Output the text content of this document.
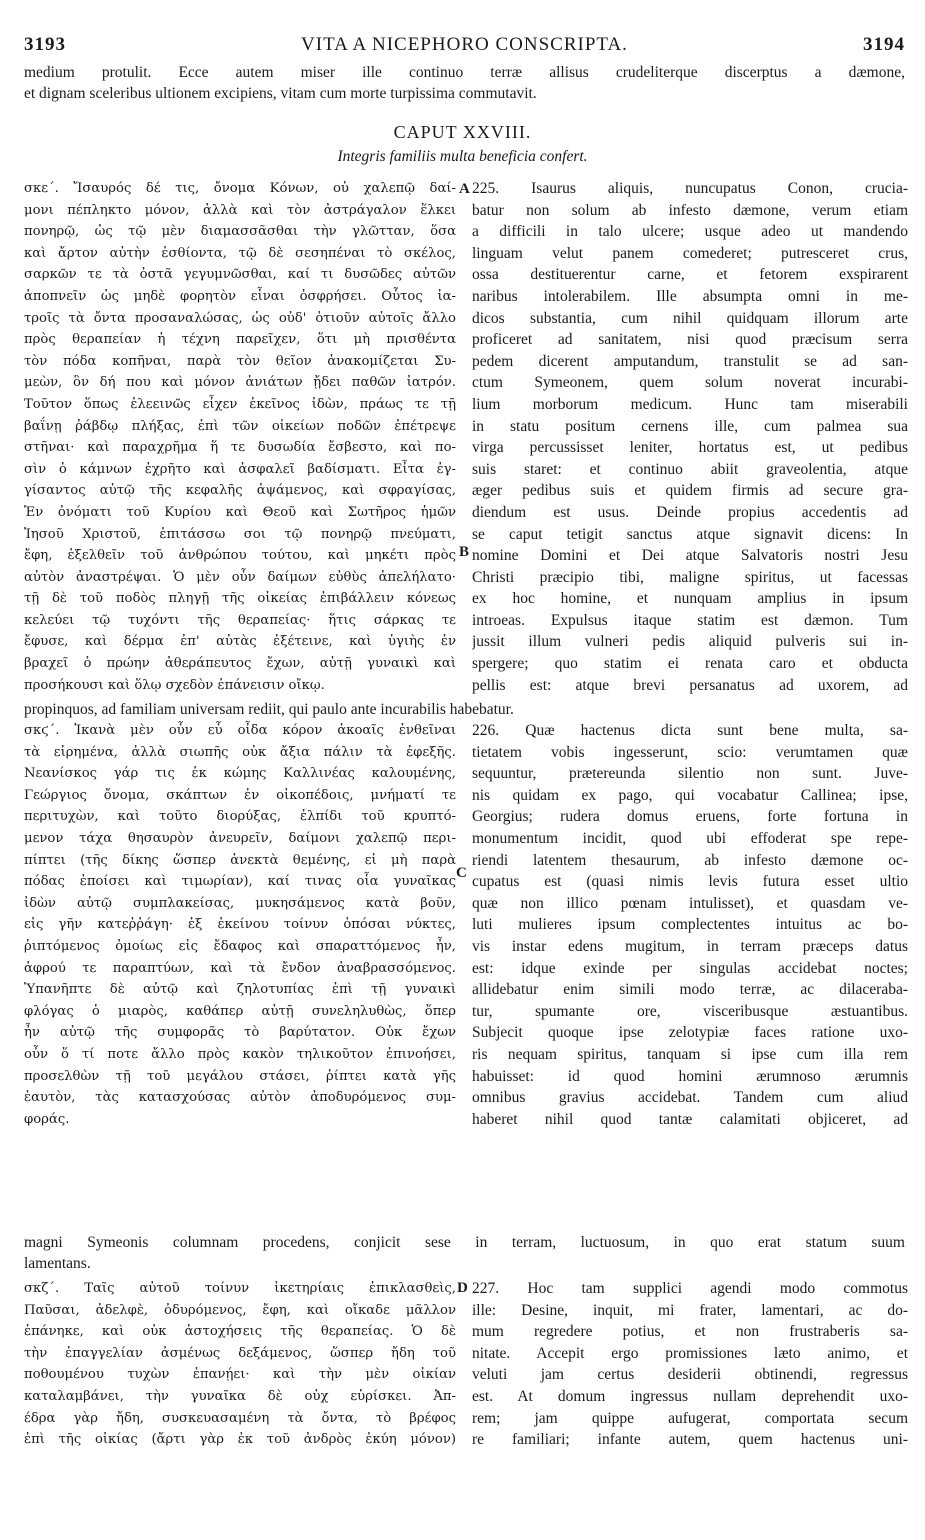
3193	VITA A NICEPHORO CONSCRIPTA.	3194
medium protulit. Ecce autem miser ille continuo terræ allisus crudeliterque discerptus a dæmone,
et dignam sceleribus ultionem excipiens, vitam cum morte turpissima commutavit.
CAPUT XXVIII.
Integris familiis multa beneficia confert.
σκε΄. Ἴσαυρός δέ τις, ὄνομα Κόνων, οὐ χαλεπῷ δαί-
μονι πέπληκτο μόνον, ἀλλὰ καὶ τὸν ἀστράγαλον ἕλκει
πονηρῷ, ὡς τῷ μὲν διαμασσᾶσθαι τὴν γλῶτταν, ὅσα
καὶ ἄρτον αὐτὴν ἐσθίοντα, τῷ δὲ σεσηπέναι τὸ σκέλος,
σαρκῶν τε τὰ ὀστᾶ γεγυμνῶσθαι, καί τι δυσῶδες αὐτῶν
ἀποπνεῖν ὡς μηδὲ φορητὸν εἶναι ὀσφρήσει. Οὗτος ἰα-
τροῖς τὰ ὄντα προσαναλώσας, ὡς οὐδ' ὁτιοῦν αὐτοῖς ἄλλο
πρὸς θεραπείαν ἡ τέχνη παρεῖχεν, ὅτι μὴ πρισθέντα
τὸν πόδα κοπῆναι, παρὰ τὸν θεῖον ἀνακομίζεται Συ-
μεὼν, ὃν δή που καὶ μόνον ἀνιάτων ᾔδει παθῶν ἰατρόν.
Τοῦτον ὅπως ἐλεεινῶς εἶχεν ἐκεῖνος ἰδὼν, πράως τε τῇ
βαΐνῃ ῥάβδῳ πλήξας, ἐπὶ τῶν οἰκείων ποδῶν ἐπέτρεψε
στῆναι· καὶ παραχρῆμα ἥ τε δυσωδία ἔσβεστο, καὶ πο-
σὶν ὁ κάμνων ἐχρῆτο καὶ ἀσφαλεῖ βαδίσματι. Εἶτα ἐγ-
γίσαντος αὐτῷ τῆς κεφαλῆς ἀψάμενος, καὶ σφραγίσας,
Ἐν ὀνόματι τοῦ Κυρίου καὶ Θεοῦ καὶ Σωτῆρος ἡμῶν
Ἰησοῦ Χριστοῦ, ἐπιτάσσω σοι τῷ πονηρῷ πνεύματι,
ἔφη, ἐξελθεῖν τοῦ ἀνθρώπου τούτου, καὶ μηκέτι πρὸς
αὐτὸν ἀναστρέψαι. Ὁ μὲν οὖν δαίμων εὐθὺς ἀπελήλατο·
τῇ δὲ τοῦ ποδὸς πληγῇ τῆς οἰκείας ἐπιβάλλειν κόνεως
κελεύει τῷ τυχόντι τῆς θεραπείας· ἥτις σάρκας τε
ἔφυσε, καὶ δέρμα ἐπ' αὐτὰς ἐξέτεινε, καὶ ὑγιὴς ἐν
βραχεῖ ὁ πρώην ἀθεράπευτος ἔχων, αὐτῇ γυναικὶ καὶ
προσήκουσι καὶ ὅλῳ σχεδὸν ἐπάνεισιν οἴκῳ.
225. Isaurus aliquis, nuncupatus Conon, crucia-
batur non solum ab infesto dæmone, verum etiam
a difficili in talo ulcere; usque adeo ut mandendo
linguam velut panem comederet; putresceret crus,
ossa destituerentur carne, et fetorem exspirarent
naribus intolerabilem. Ille absumpta omni in me-
dicos substantia, cum nihil quidquam illorum arte
proficeret ad sanitatem, nisi quod præcisum serra
pedem dicerent amputandum, transtulit se ad san-
ctum Symeonem, quem solum noverat incurabi-
lium morborum medicum. Hunc tam miserabili
in statu positum cernens ille, cum palmea sua
virga percussisset leniter, hortatus est, ut pedibus
suis staret: et continuo abiit graveolentia, atque
æger pedibus suis et quidem firmis ad secure gra-
diendum est usus. Deinde propius accedentis ad
se caput tetigit sanctus atque signavit dicens: In
nomine Domini et Dei atque Salvatoris nostri Jesu
Christi præcipio tibi, maligne spiritus, ut facessas
ex hoc homine, et nunquam amplius in ipsum
introeas. Expulsus itaque statim est dæmon. Tum
jussit illum vulneri pedis aliquid pulveris sui in-
spergere; quo statim ei renata caro et obducta
pellis est: atque brevi persanatus ad uxorem, ad
A
B
propinquos, ad familiam universam rediit, qui paulo ante incurabilis habebatur.
σκϛ΄. Ἱκανὰ μὲν οὖν εὖ οἶδα κόρον ἀκοαῖς ἐνθεῖναι
τὰ εἰρημένα, ἀλλὰ σιωπῆς οὐκ ἄξια πάλιν τὰ ἐφεξῆς.
Νεανίσκος γάρ τις ἐκ κώμης Καλλινέας καλουμένης,
Γεώργιος ὄνομα, σκάπτων ἐν οἰκοπέδοις, μνήματί τε
περιτυχὼν, καὶ τοῦτο διορύξας, ἐλπίδι τοῦ κρυπτό-
μενον τάχα θησαυρὸν ἀνευρεῖν, δαίμονι χαλεπῷ περι-
πίπτει (τῆς δίκης ὥσπερ ἀνεκτὰ θεμένης, εἰ μὴ παρὰ
πόδας ἐποίσει καὶ τιμωρίαν), καί τινας οἷα γυναῖκας
ἰδὼν αὐτῷ συμπλακείσας, μυκησάμενος κατὰ βοῦν,
εἰς γῆν κατεῤῥάγη· ἐξ ἐκείνου τοίνυν ὁπόσαι νύκτες,
ῥιπτόμενος ὁμοίως εἰς ἔδαφος καὶ σπαραττόμενος ἦν,
ἀφρού τε παραπτύων, καὶ τὰ ἔνδον ἀναβρασσόμενος.
Ὑπανῆπτε δὲ αὐτῷ καὶ ζηλοτυπίας ἐπὶ τῇ γυναικὶ
φλόγας ὁ μιαρὸς, καθάπερ αὐτῇ συνεληλυθὼς, ὅπερ
ἦν αὐτῷ τῆς συμφορᾶς τὸ βαρύτατον. Οὐκ ἔχων
οὖν ὅ τί ποτε ἄλλο πρὸς κακὸν τηλικοῦτον ἐπινοήσει,
προσελθὼν τῇ τοῦ μεγάλου στάσει, ῥίπτει κατὰ γῆς
ἑαυτὸν, τὰς κατασχούσας αὐτὸν ἀποδυρόμενος συμ-
φοράς.
226. Quæ hactenus dicta sunt bene multa, sa-
tietatem vobis ingesserunt, scio: verumtamen quæ
sequuntur, prætereunda silentio non sunt. Juve-
nis quidam ex pago, qui vocabatur Callinea; ipse,
Georgius; rudera domus eruens, forte fortuna in
monumentum incidit, quod ubi effoderat spe repe-
riendi latentem thesaurum, ab infesto dæmone oc-
cupatus est (quasi nimis levis futura esset ultio
quæ non illico pœnam intulisset), et quasdam ve-
luti mulieres ipsum complectentes intuitus ac bo-
vis instar edens mugitum, in terram præceps datus
est: idque exinde per singulas accidebat noctes;
allidebatur enim simili modo terræ, ac dilaceraba-
tur, spumante ore, visceribusque æstuantibus.
Subjecit quoque ipse zelotypiæ faces ratione uxo-
ris nequam spiritus, tanquam si ipse cum illa rem
habuisset: id quod homini ærumnoso ærumnis
omnibus gravius accidebat. Tandem cum aliud
haberet nihil quod tantæ calamitati objiceret, ad
C
magni Symeonis columnam procedens, conjicit sese in terram, luctuosum, in quo erat statum suum
lamentans.
σκζ΄. Ταῖς αὐτοῦ τοίνυν ἱκετηρίαις ἐπικλασθεὶς,
Παῦσαι, ἀδελφὲ, ὀδυρόμενος, ἔφη, καὶ οἴκαδε μᾶλλον
ἐπάνηκε, καὶ οὐκ ἀστοχήσεις τῆς θεραπείας. Ὁ δὲ
τὴν ἐπαγγελίαν ἀσμένως δεξάμενος, ὥσπερ ἤδη τοῦ
ποθουμένου τυχὼν ἐπανῄει· καὶ τὴν μὲν οἰκίαν
καταλαμβάνει, τὴν γυναῖκα δὲ οὐχ εὑρίσκει. Ἀπ-
έδρα γὰρ ἤδη, συσκευασαμένη τὰ ὄντα, τὸ βρέφος
ἐπὶ τῆς οἰκίας (ἄρτι γὰρ ἐκ τοῦ ἀνδρὸς ἐκύη μόνον)
227. Hoc tam supplici agendi modo commotus
ille: Desine, inquit, mi frater, lamentari, ac do-
mum regredere potius, et non frustraberis sa-
nitate. Accepit ergo promissiones læto animo, et
veluti jam certus desiderii obtinendi, regressus
est. At domum ingressus nullam deprehendit uxo-
rem; jam quippe aufugerat, comportata secum
re familiari; infante autem, quem hactenus uni-
D
